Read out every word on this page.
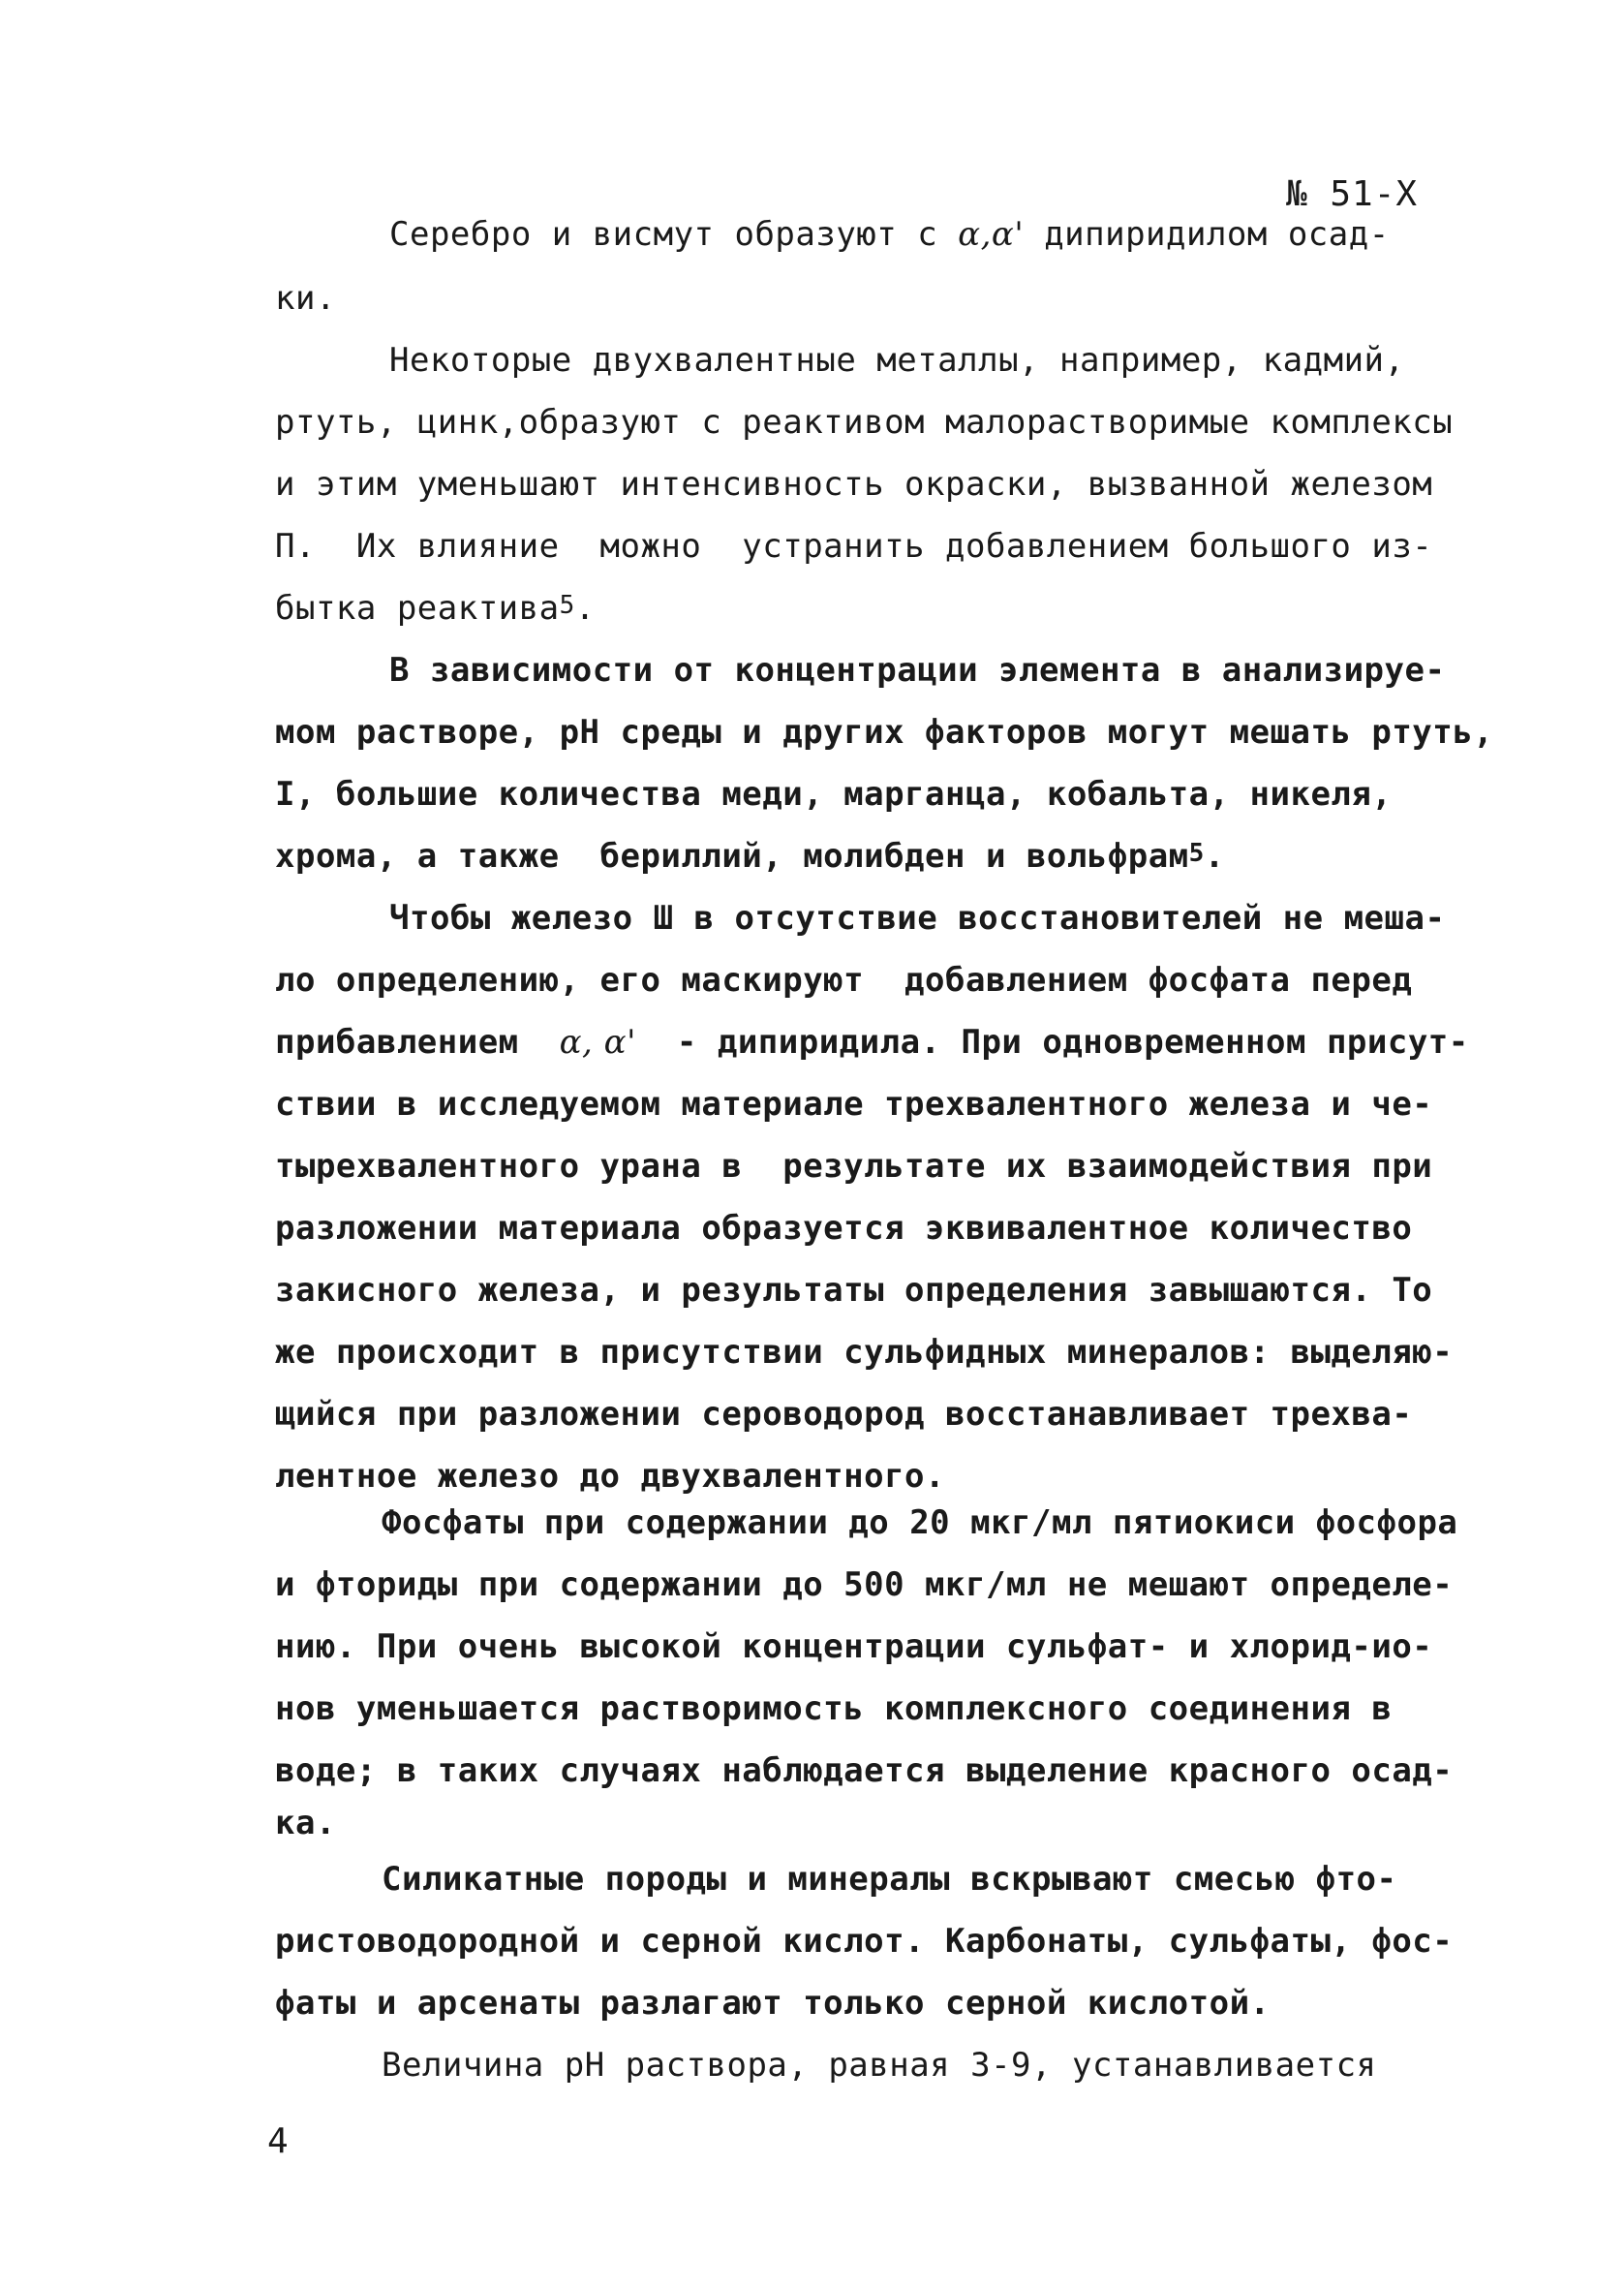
№ 51-Х
Серебро и висмут образуют с α,α' дипиридилом осад-
ки.
Некоторые двухвалентные металлы, например, кадмий,
ртуть, цинк,образуют с реактивом малорастворимые комплексы
и этим уменьшают интенсивность окраски, вызванной железом
П.  Их влияние  можно  устранить добавлением большого из-
бытка реактива$^5$.
В зависимости от концентрации элемента в анализируе-
мом растворе, рН среды и других факторов могут мешать ртуть,
I, большие количества меди, марганца, кобальта, никеля,
хрома, а также  бериллий, молибден и вольфрам$^5$.
Чтобы железо Ш в отсутствие восстановителей не меша-
ло определению, его маскируют  добавлением фосфата перед
прибавлением  α, α'  - дипиридила. При одновременном присут-
ствии в исследуемом материале трехвалентного железа и че-
тырехвалентного урана в  результате их взаимодействия при
разложении материала образуется эквивалентное количество
закисного железа, и результаты определения завышаются. То
же происходит в присутствии сульфидных минералов: выделяю-
щийся при разложении сероводород восстанавливает трехва-
лентное железо до двухвалентного.
Фосфаты при содержании до 20 мкг/мл пятиокиси фосфора
и фториды при содержании до 500 мкг/мл не мешают определе-
нию. При очень высокой концентрации сульфат- и хлорид-ио-
нов уменьшается растворимость комплексного соединения в
воде; в таких случаях наблюдается выделение красного осад-
ка.
Силикатные породы и минералы вскрывают смесью фто-
ристоводородной и серной кислот. Карбонаты, сульфаты, фос-
фаты и арсенаты разлагают только серной кислотой.
Величина рН раствора, равная 3-9, устанавливается
4
